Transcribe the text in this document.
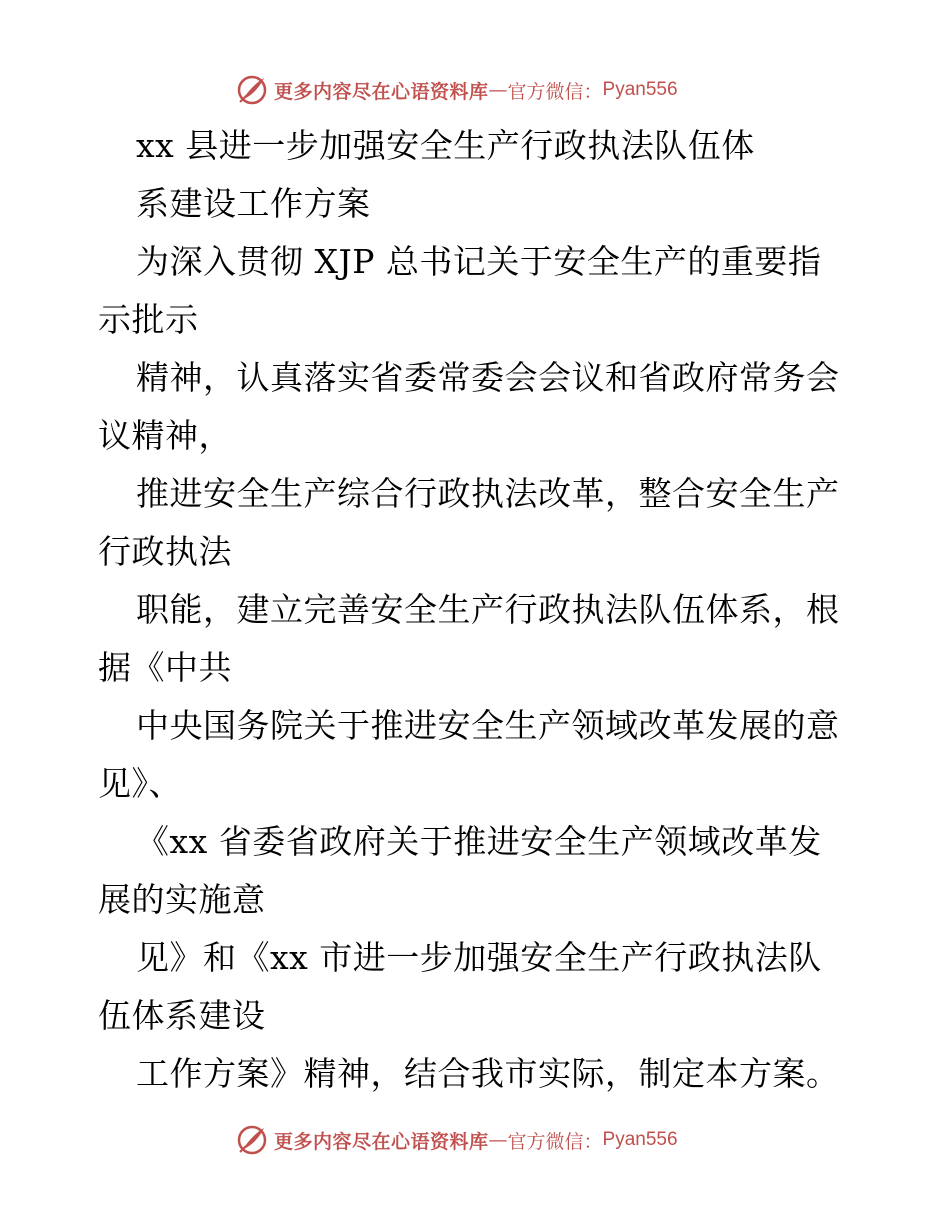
更多内容尽在心语资料库 — 官方微信： Pyan556
xx 县进一步加强安全生产行政执法队伍体
系建设工作方案
为深入贯彻 XJP 总书记关于安全生产的重要指
示批示
精神，认真落实省委常委会会议和省政府常务会
议精神，
推进安全生产综合行政执法改革，整合安全生产
行政执法
职能，建立完善安全生产行政执法队伍体系，根
据《中共
中央国务院关于推进安全生产领域改革发展的意
见》、
《xx 省委省政府关于推进安全生产领域改革发
展的实施意
见》和《xx 市进一步加强安全生产行政执法队
伍体系建设
工作方案》精神，结合我市实际，制定本方案。
更多内容尽在心语资料库 — 官方微信： Pyan556
